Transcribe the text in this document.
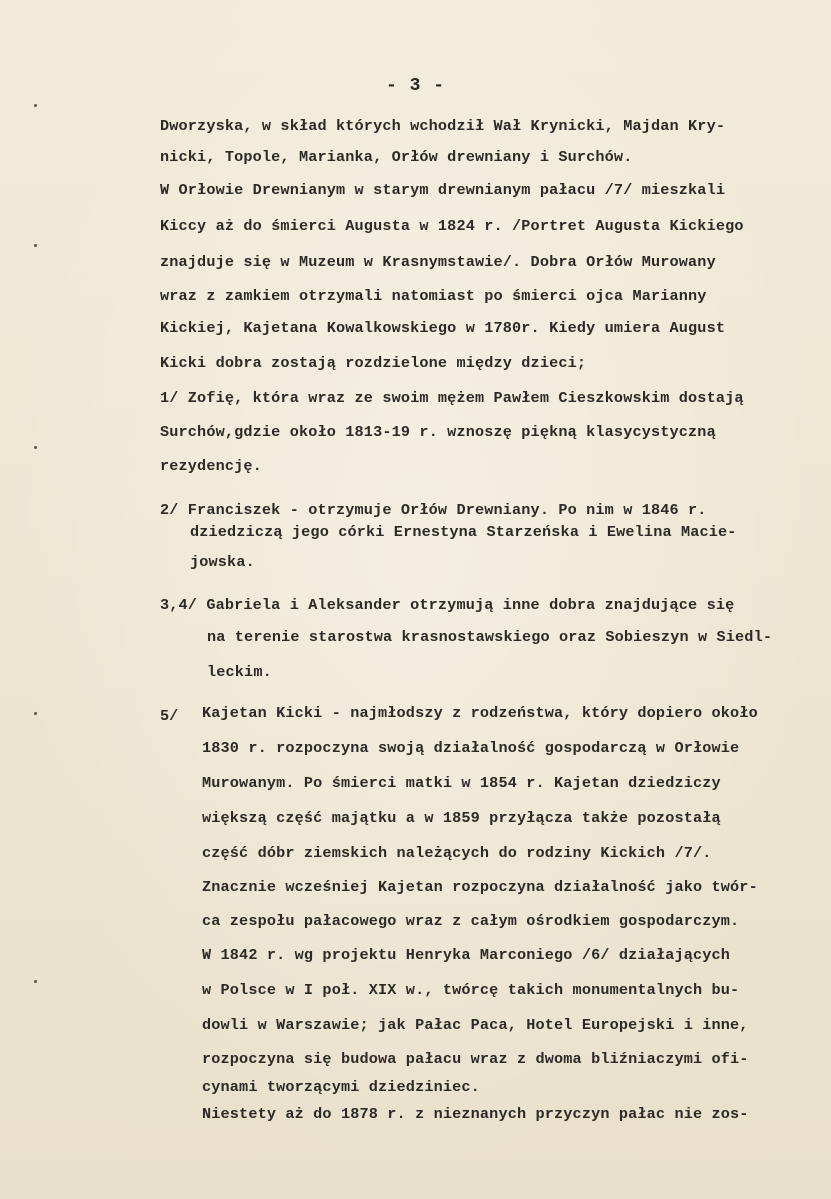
- 3 -
Dworzyska, w skład których wchodził Wał Krynicki, Majdan Kry-
nicki, Topole, Marianka, Orłów drewniany i Surchów.
W Orłowie Drewnianym w starym drewnianym pałacu /7/ mieszkali
Kiccy aż do śmierci Augusta w 1824 r. /Portret Augusta Kickiego
znajduje się w Muzeum w Krasnymstawie/. Dobra Orłów Murowany
wraz z zamkiem otrzymali natomiast po śmierci ojca Marianny
Kickiej, Kajetana Kowalkowskiego w 1780r. Kiedy umiera August
Kicki dobra zostają rozdzielone między dzieci;
1/ Zofię, która wraz ze swoim mężem Pawłem Cieszkowskim dostają
Surchów,gdzie około 1813-19 r. wznoszę piękną klasycystyczną
rezydencję.
2/ Franciszek - otrzymuje Orłów Drewniany. Po nim w 1846 r.
dziedziczą jego córki Ernestyna Starzeńska i Ewelina Macie-
jowska.
3,4/ Gabriela i Aleksander otrzymują inne dobra znajdujące się
na terenie starostwa krasnostawskiego oraz Sobieszyn w Siedl-
leckim.
5/ Kajetan Kicki - najmłodszy z rodzeństwa, który dopiero około
1830 r. rozpoczyna swoją działalność gospodarczą w Orłowie
Murowanym. Po śmierci matki w 1854 r. Kajetan dziedziczy
większą część majątku a w 1859 przyłącza także pozostałą
część dóbr ziemskich należących do rodziny Kickich /7/.
Znacznie wcześniej Kajetan rozpoczyna działalność jako twór-
ca zespołu pałacowego wraz z całym ośrodkiem gospodarczym.
W 1842 r. wg projektu Henryka Marconiego /6/ działających
w Polsce w I poł. XIX w., twórcę takich monumentalnych bu-
dowli w Warszawie; jak Pałac Paca, Hotel Europejski i inne,
rozpoczyna się budowa pałacu wraz z dwoma bliźniaczymi ofi-
cynami tworzącymi dziedziniec.
Niestety aż do 1878 r. z nieznanych przyczyn pałac nie zos-
